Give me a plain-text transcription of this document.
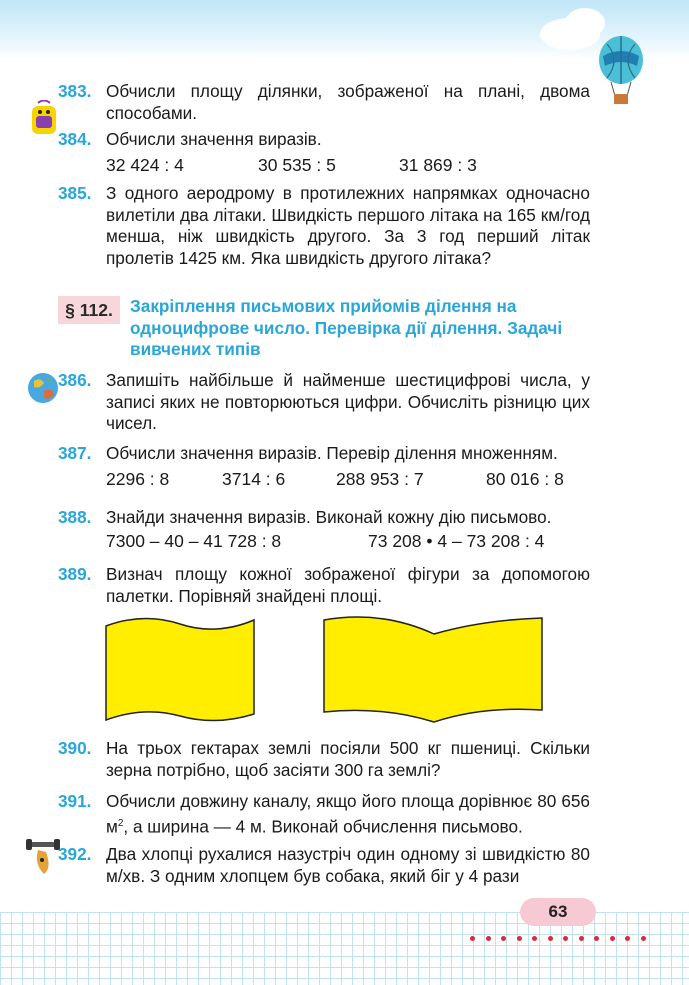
383. Обчисли площу ділянки, зображеної на плані, двома способами.
384. Обчисли значення виразів.
32 424 : 4	30 535 : 5	31 869 : 3
385. З одного аеродрому в протилежних напрямках одночасно вилетіли два літаки. Швидкість першого літака на 165 км/год менша, ніж швидкість другого. За 3 год перший літак пролетів 1425 км. Яка швидкість другого літака?
§ 112. Закріплення письмових прийомів ділення на одноцифрове число. Перевірка дії ділення. Задачі вивчених типів
386. Запишіть найбільше й найменше шестицифрові числа, у записі яких не повторюються цифри. Обчисліть різницю цих чисел.
387. Обчисли значення виразів. Перевір ділення множенням.
2296 : 8	3714 : 6	288 953 : 7	80 016 : 8
388. Знайди значення виразів. Виконай кожну дію письмово.
7300 – 40 – 41 728 : 8	73 208 • 4 – 73 208 : 4
389. Визнач площу кожної зображеної фігури за допомогою палетки. Порівняй знайдені площі.
390. На трьох гектарах землі посіяли 500 кг пшениці. Скільки зерна потрібно, щоб засіяти 300 га землі?
391. Обчисли довжину каналу, якщо його площа дорівнює 80 656 $м^2$, а ширина — 4 м. Виконай обчислення письмово.
392. Два хлопці рухалися назустріч один одному зі швидкістю 80 м/хв. З одним хлопцем був собака, який біг у 4 рази
63
